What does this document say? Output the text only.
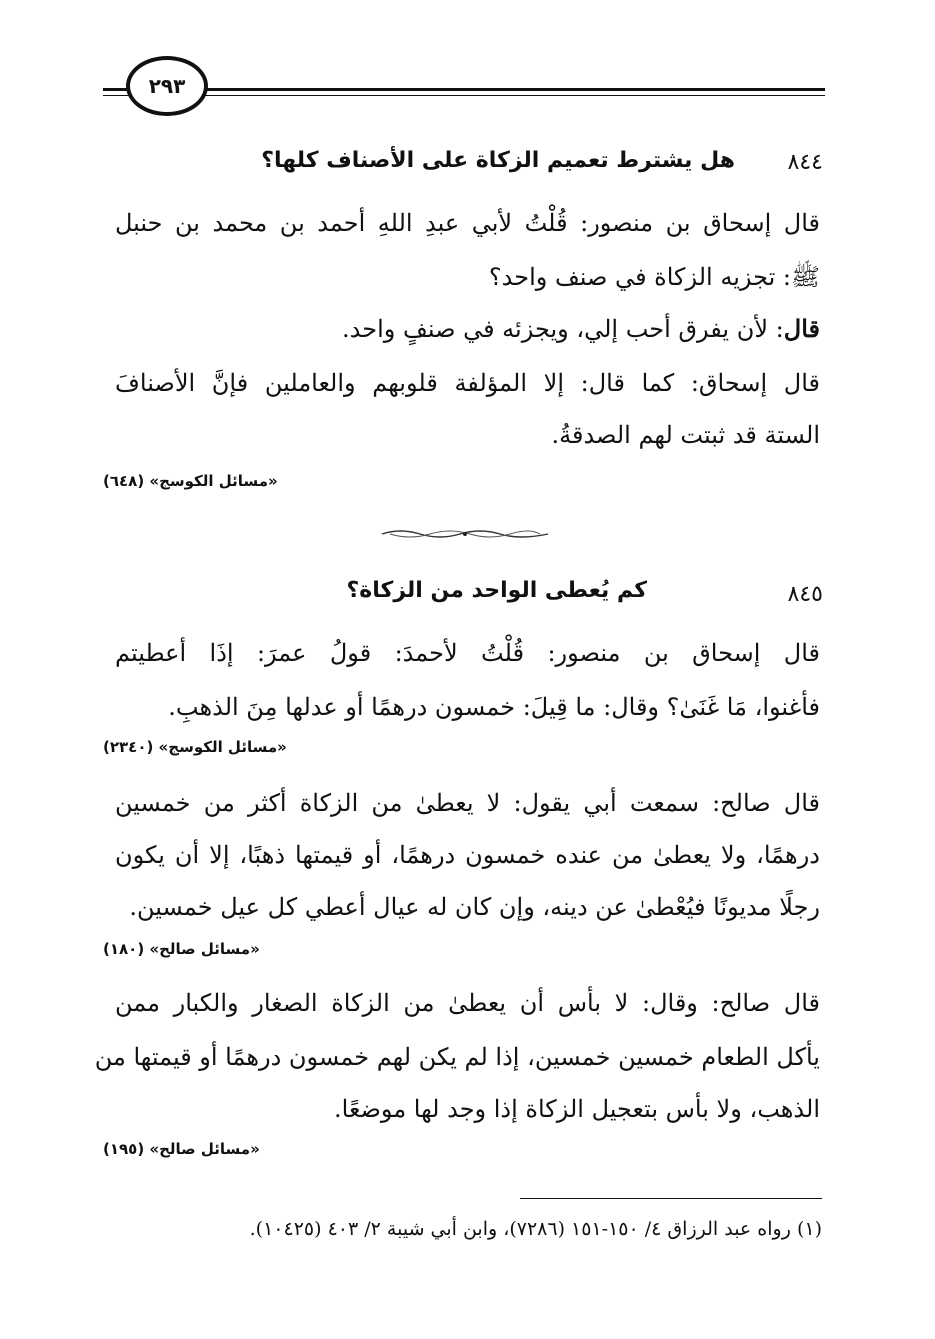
٢٩٣
٨٤٤
هل يشترط تعميم الزكاة على الأصناف كلها؟
قال إسحاق بن منصور: قُلْتُ لأبي عبدِ اللهِ أحمد بن محمد بن حنبل
ﷺ: تجزيه الزكاة في صنف واحد؟
قال: لأن يفرق أحب إلي، ويجزئه في صنفٍ واحد.
قال إسحاق: كما قال: إلا المؤلفة قلوبهم والعاملين فإنَّ الأصنافَ
الستة قد ثبتت لهم الصدقةُ.
«مسائل الكوسج» (٦٤٨)
٨٤٥
كم يُعطى الواحد من الزكاة؟
قال إسحاق بن منصور: قُلْتُ لأحمدَ: قولُ عمرَ: إذَا أعطيتم
فأغنوا، مَا غَنَىٰ؟ وقال: ما قِيلَ: خمسون درهمًا أو عدلها مِنَ الذهبِ.
«مسائل الكوسج» (٢٣٤٠)
قال صالح: سمعت أبي يقول: لا يعطىٰ من الزكاة أكثر من خمسين
درهمًا، ولا يعطىٰ من عنده خمسون درهمًا، أو قيمتها ذهبًا، إلا أن يكون
رجلًا مديونًا فيُعْطىٰ عن دينه، وإن كان له عيال أعطي كل عيل خمسين.
«مسائل صالح» (١٨٠)
قال صالح: وقال: لا بأس أن يعطىٰ من الزكاة الصغار والكبار ممن
يأكل الطعام خمسين خمسين، إذا لم يكن لهم خمسون درهمًا أو قيمتها من
الذهب، ولا بأس بتعجيل الزكاة إذا وجد لها موضعًا.
«مسائل صالح» (١٩٥)
(١) رواه عبد الرزاق ٤/ ١٥٠-١٥١ (٧٢٨٦)، وابن أبي شيبة ٢/ ٤٠٣ (١٠٤٢٥).
